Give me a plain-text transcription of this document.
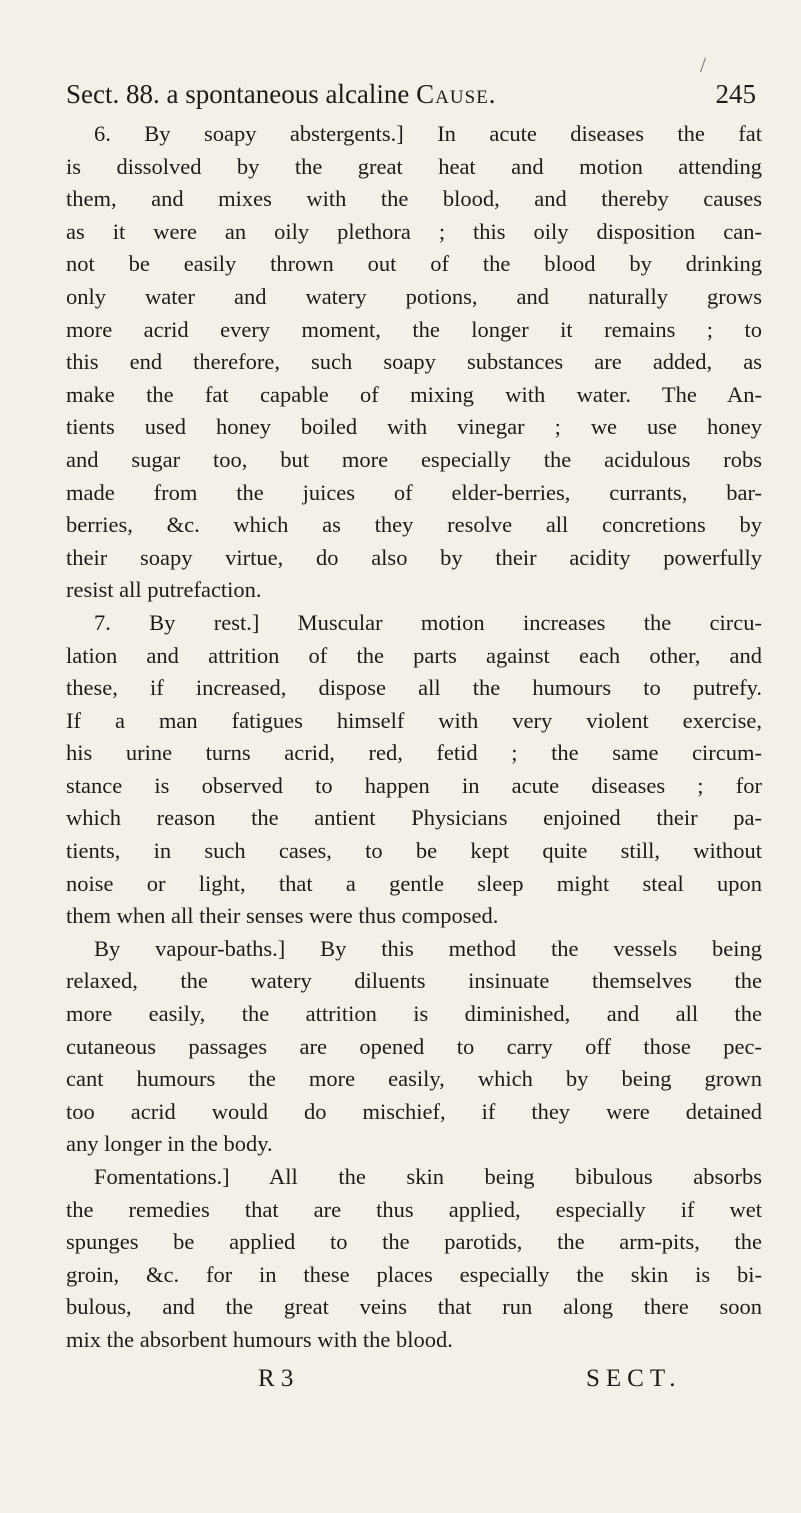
/
Sect. 88. a spontaneous alcaline Cause.	245
6. By soapy abstergents.] In acute diseases the fat
is dissolved by the great heat and motion attending
them, and mixes with the blood, and thereby causes
as it were an oily plethora ; this oily disposition can-
not be easily thrown out of the blood by drinking
only water and watery potions, and naturally grows
more acrid every moment, the longer it remains ; to
this end therefore, such soapy substances are added, as
make the fat capable of mixing with water. The An-
tients used honey boiled with vinegar ; we use honey
and sugar too, but more especially the acidulous robs
made from the juices of elder-berries, currants, bar-
berries, &c. which as they resolve all concretions by
their soapy virtue, do also by their acidity powerfully
resist all putrefaction.
7. By rest.] Muscular motion increases the circu-
lation and attrition of the parts against each other, and
these, if increased, dispose all the humours to putrefy.
If a man fatigues himself with very violent exercise,
his urine turns acrid, red, fetid ; the same circum-
stance is observed to happen in acute diseases ; for
which reason the antient Physicians enjoined their pa-
tients, in such cases, to be kept quite still, without
noise or light, that a gentle sleep might steal upon
them when all their senses were thus composed.
By vapour-baths.] By this method the vessels being
relaxed, the watery diluents insinuate themselves the
more easily, the attrition is diminished, and all the
cutaneous passages are opened to carry off those pec-
cant humours the more easily, which by being grown
too acrid would do mischief, if they were detained
any longer in the body.
Fomentations.] All the skin being bibulous absorbs
the remedies that are thus applied, especially if wet
spunges be applied to the parotids, the arm-pits, the
groin, &c. for in these places especially the skin is bi-
bulous, and the great veins that run along there soon
mix the absorbent humours with the blood.
R 3	SECT.
